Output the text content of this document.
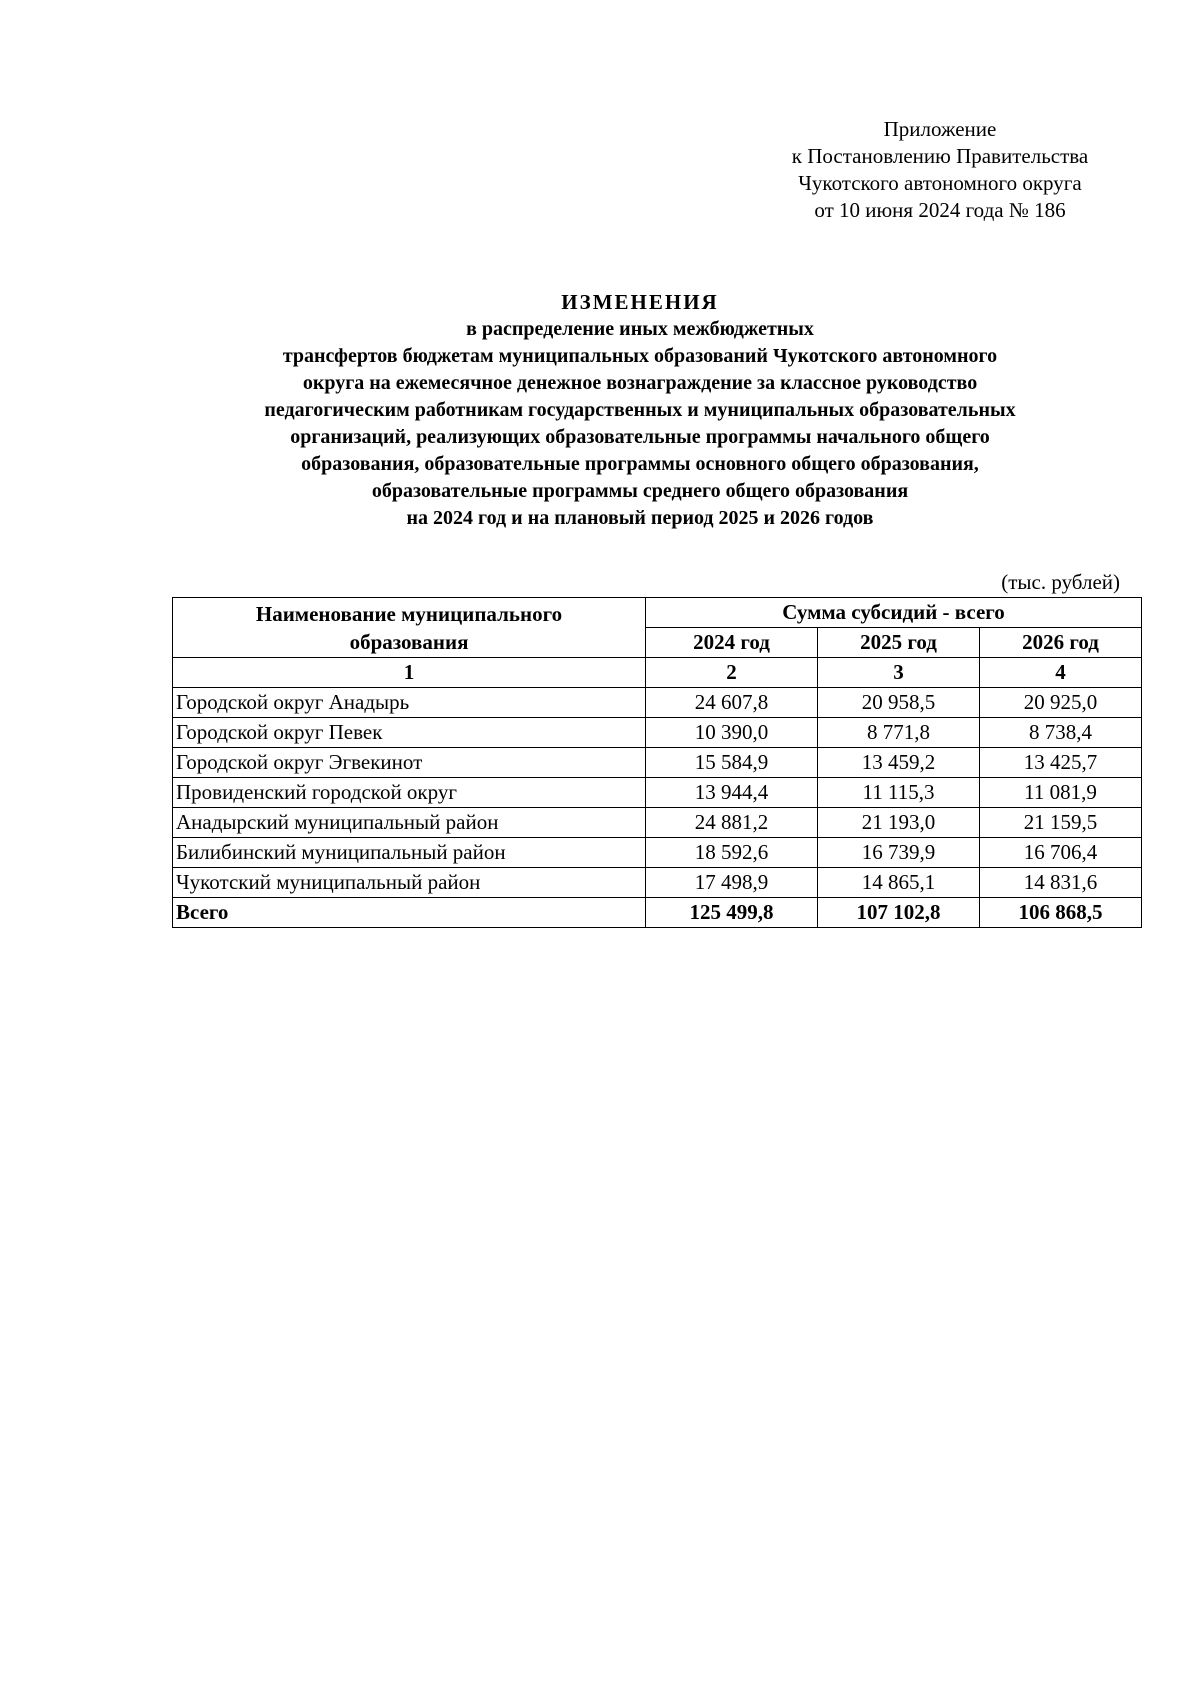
Приложение
к Постановлению Правительства
Чукотского автономного округа
от 10 июня 2024 года № 186
ИЗМЕНЕНИЯ
в распределение иных межбюджетных
трансфертов бюджетам муниципальных образований Чукотского автономного
округа на ежемесячное денежное вознаграждение за классное руководство
педагогическим работникам государственных и муниципальных образовательных
организаций, реализующих образовательные программы начального общего
образования, образовательные программы основного общего образования,
образовательные программы среднего общего образования
на 2024 год и на плановый период 2025 и 2026 годов
(тыс. рублей)
Наименование муниципального
образования	Сумма субсидий - всего		
	2024 год	2025 год	2026 год
1	2	3	4
Городской округ Анадырь	24 607,8	20 958,5	20 925,0
Городской округ Певек	10 390,0	8 771,8	8 738,4
Городской округ Эгвекинот	15 584,9	13 459,2	13 425,7
Провиденский городской округ	13 944,4	11 115,3	11 081,9
Анадырский муниципальный район	24 881,2	21 193,0	21 159,5
Билибинский муниципальный район	18 592,6	16 739,9	16 706,4
Чукотский муниципальный район	17 498,9	14 865,1	14 831,6
Всего	125 499,8	107 102,8	106 868,5
